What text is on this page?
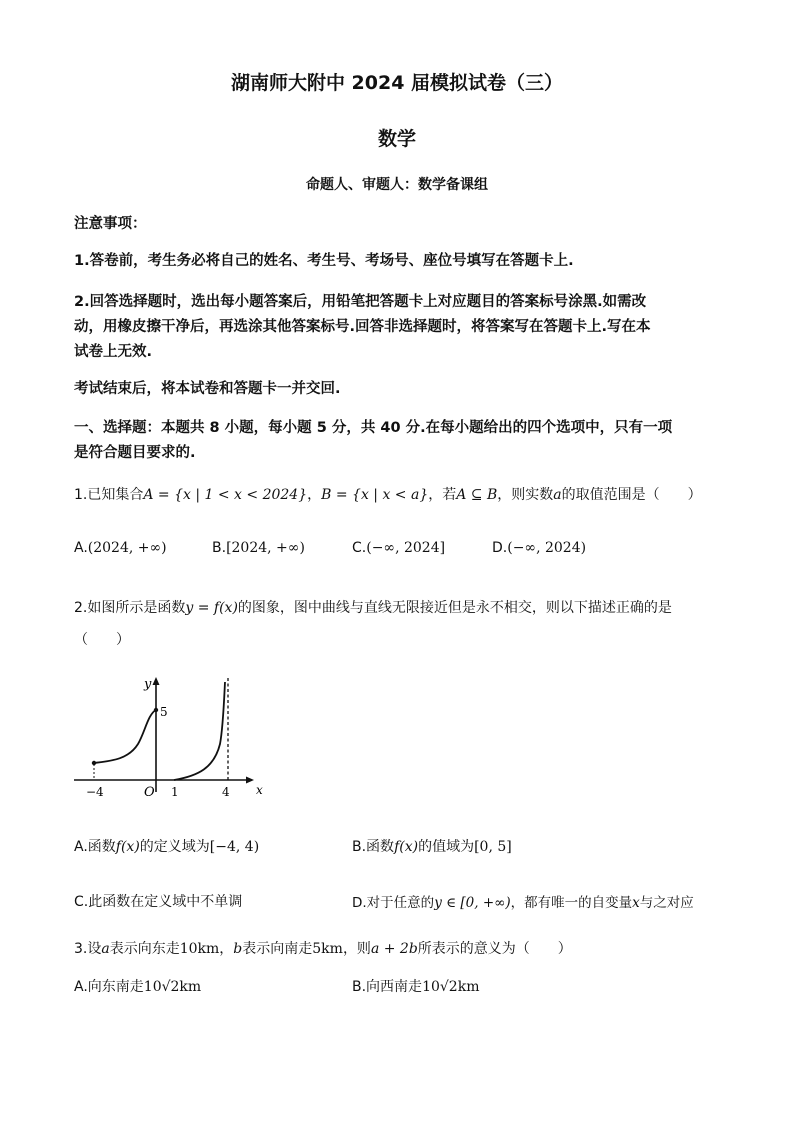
湖南师大附中 2024 届模拟试卷（三）
数学
命题人、审题人：数学备课组
注意事项：
1.答卷前，考生务必将自己的姓名、考生号、考场号、座位号填写在答题卡上.
2.回答选择题时，选出每小题答案后，用铅笔把答题卡上对应题目的答案标号涂黑.如需改
动，用橡皮擦干净后，再选涂其他答案标号.回答非选择题时，将答案写在答题卡上.写在本
试卷上无效.
考试结束后，将本试卷和答题卡一并交回.
一、选择题：本题共 8 小题，每小题 5 分，共 40 分.在每小题给出的四个选项中，只有一项
是符合题目要求的.
1.已知集合A = {x | 1 < x < 2024}，B = {x | x < a}，若A ⊆ B，则实数a的取值范围是（　　）
A.(2024, +∞)	B.[2024, +∞)	C.(−∞, 2024]	D.(−∞, 2024)
2.如图所示是函数y = f(x)的图象，图中曲线与直线无限接近但是永不相交，则以下描述正确的是
（　　）
y
x
O
−4	1	4
5
A.函数f(x)的定义域为[−4, 4)	B.函数f(x)的值域为[0, 5]
C.此函数在定义域中不单调	D.对于任意的y ∈ [0, +∞)，都有唯一的自变量x与之对应
3.设a表示向东走10km，b表示向南走5km，则a + 2b所表示的意义为（　　）
A.向东南走10√2km	B.向西南走10√2km
